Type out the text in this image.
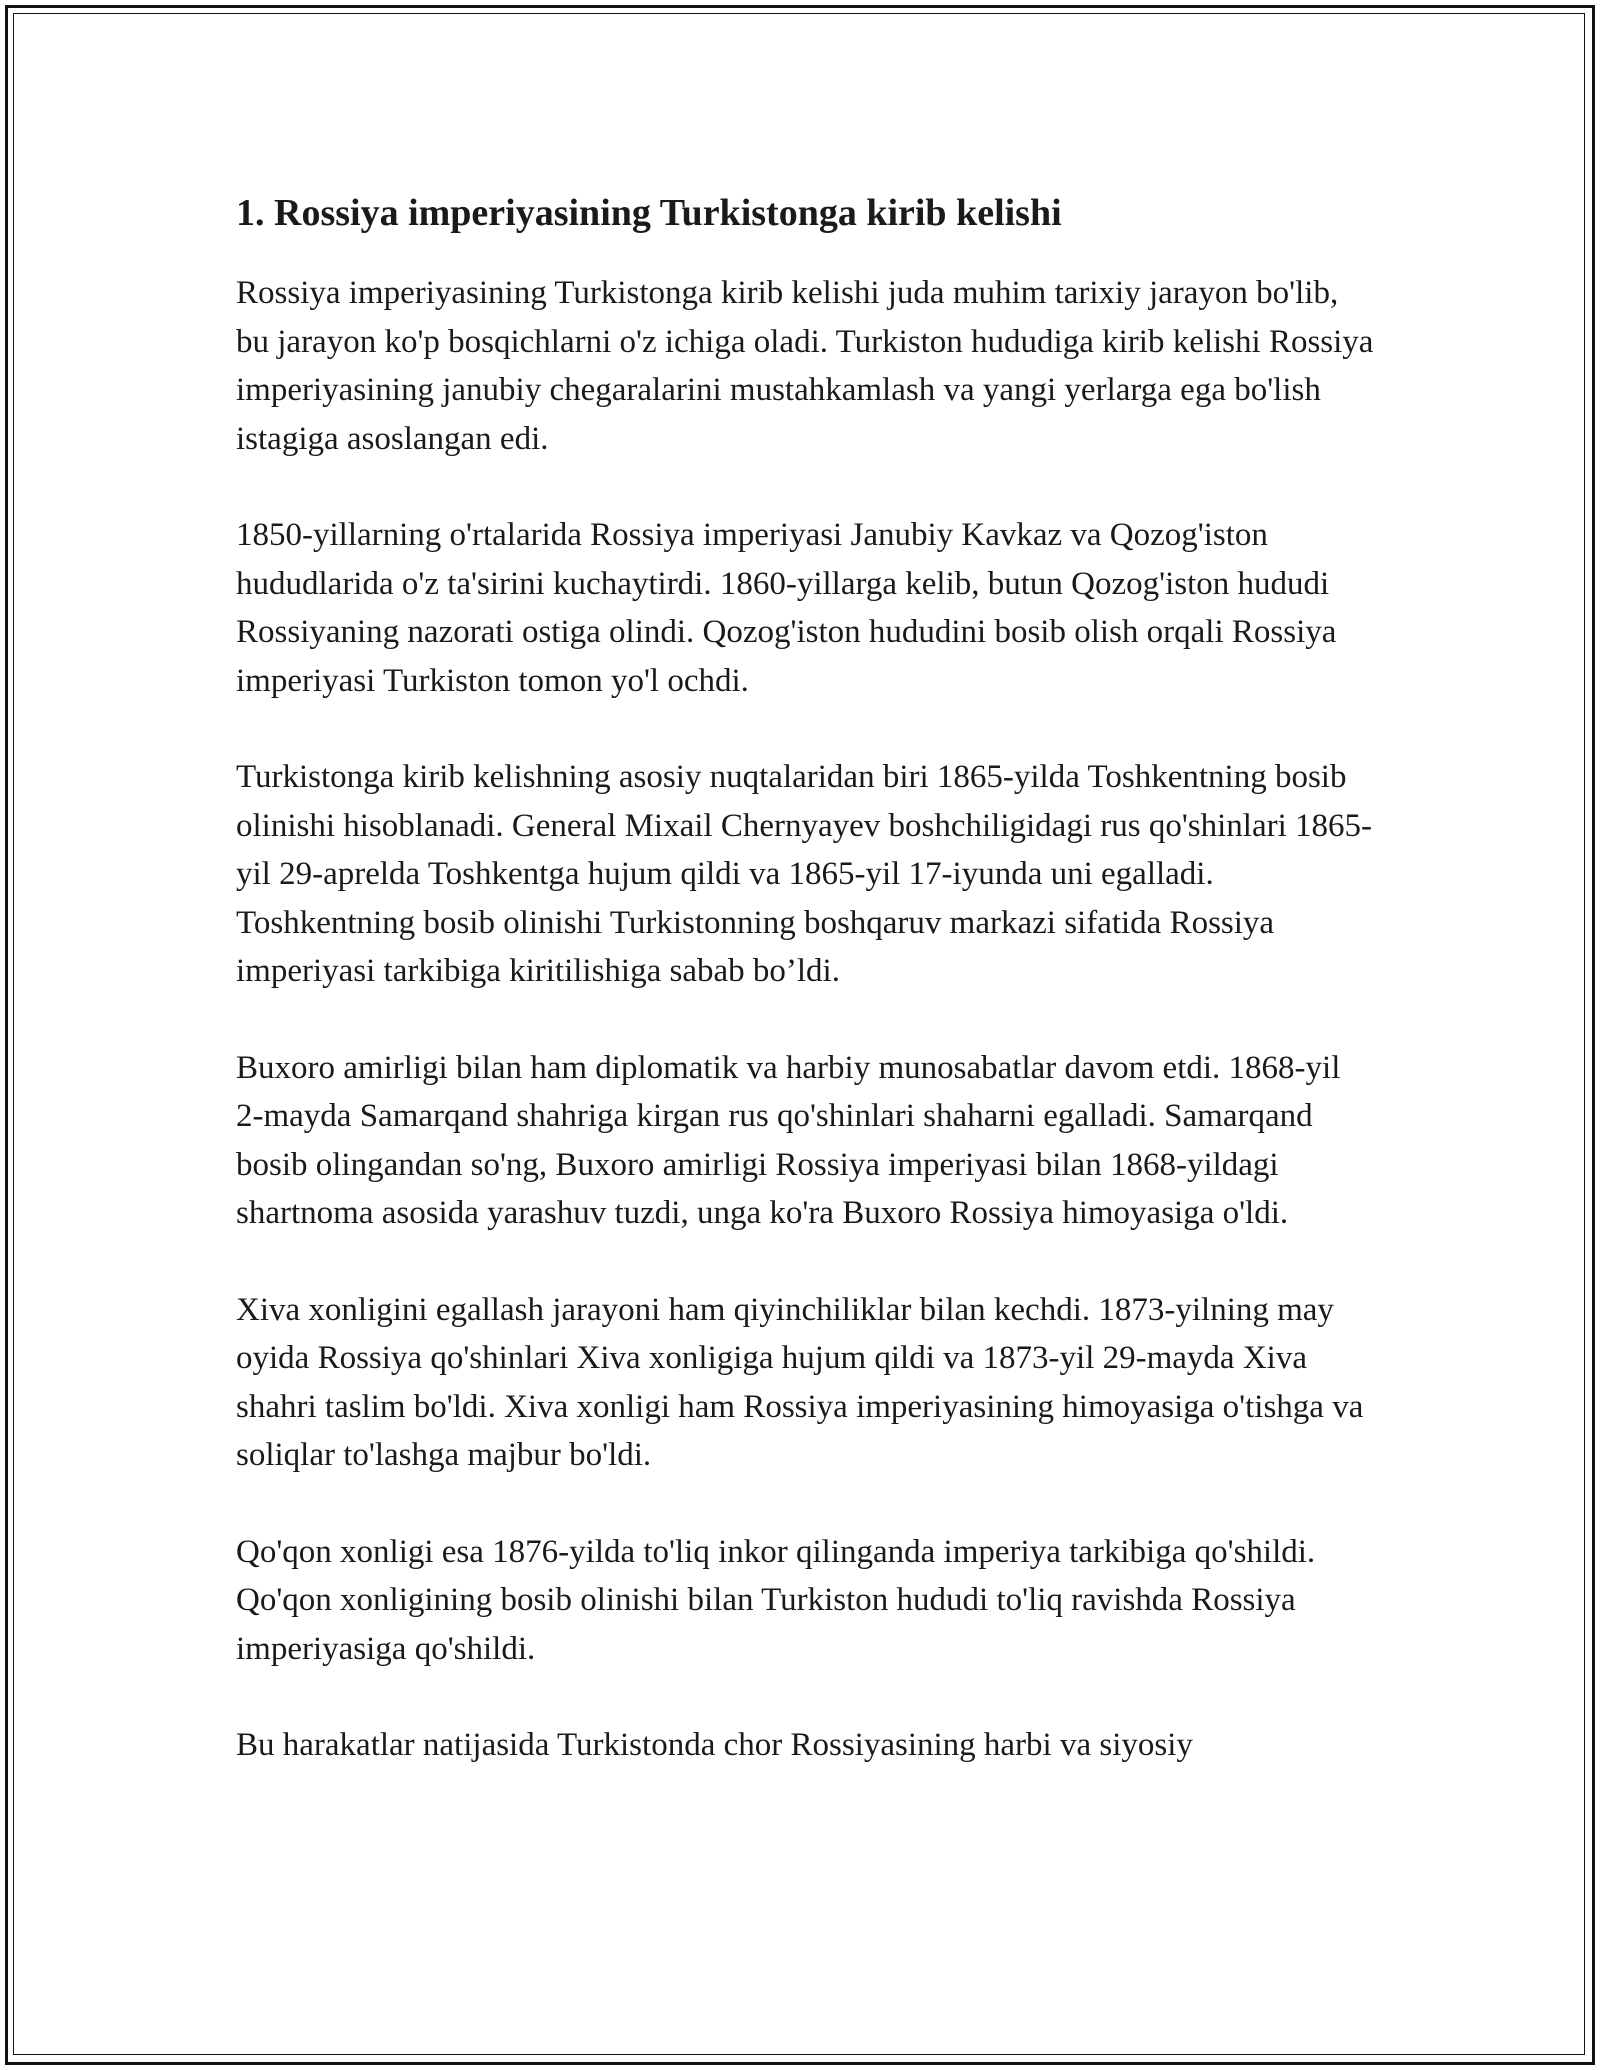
1. Rossiya imperiyasining Turkistonga kirib kelishi

Rossiya imperiyasining Turkistonga kirib kelishi juda muhim tarixiy jarayon bo'lib, bu jarayon ko'p bosqichlarni o'z ichiga oladi. Turkiston hududiga kirib kelishi Rossiya imperiyasining janubiy chegaralarini mustahkamlash va yangi yerlarga ega bo'lish istagiga asoslangan edi.

1850-yillarning o'rtalarida Rossiya imperiyasi Janubiy Kavkaz va Qozog'iston hududlarida o'z ta'sirini kuchaytirdi. 1860-yillarga kelib, butun Qozog'iston hududi Rossiyaning nazorati ostiga olindi. Qozog'iston hududini bosib olish orqali Rossiya imperiyasi Turkiston tomon yo'l ochdi.

Turkistonga kirib kelishning asosiy nuqtalaridan biri 1865-yilda Toshkentning bosib olinishi hisoblanadi. General Mixail Chernyayev boshchiligidagi rus qo'shinlari 1865-yil 29-aprelda Toshkentga hujum qildi va 1865-yil 17-iyunda uni egalladi. Toshkentning bosib olinishi Turkistonning boshqaruv markazi sifatida Rossiya imperiyasi tarkibiga kiritilishiga sabab bo’ldi.

Buxoro amirligi bilan ham diplomatik va harbiy munosabatlar davom etdi. 1868-yil 2-mayda Samarqand shahriga kirgan rus qo'shinlari shaharni egalladi. Samarqand bosib olingandan so'ng, Buxoro amirligi Rossiya imperiyasi bilan 1868-yildagi shartnoma asosida yarashuv tuzdi, unga ko'ra Buxoro Rossiya himoyasiga o'ldi.

Xiva xonligini egallash jarayoni ham qiyinchiliklar bilan kechdi. 1873-yilning may oyida Rossiya qo'shinlari Xiva xonligiga hujum qildi va 1873-yil 29-mayda Xiva shahri taslim bo'ldi. Xiva xonligi ham Rossiya imperiyasining himoyasiga o'tishga va soliqlar to'lashga majbur bo'ldi.

Qo'qon xonligi esa 1876-yilda to'liq inkor qilinganda imperiya tarkibiga qo'shildi. Qo'qon xonligining bosib olinishi bilan Turkiston hududi to'liq ravishda Rossiya imperiyasiga qo'shildi.

Bu harakatlar natijasida Turkistonda chor Rossiyasining harbi va siyosiy
